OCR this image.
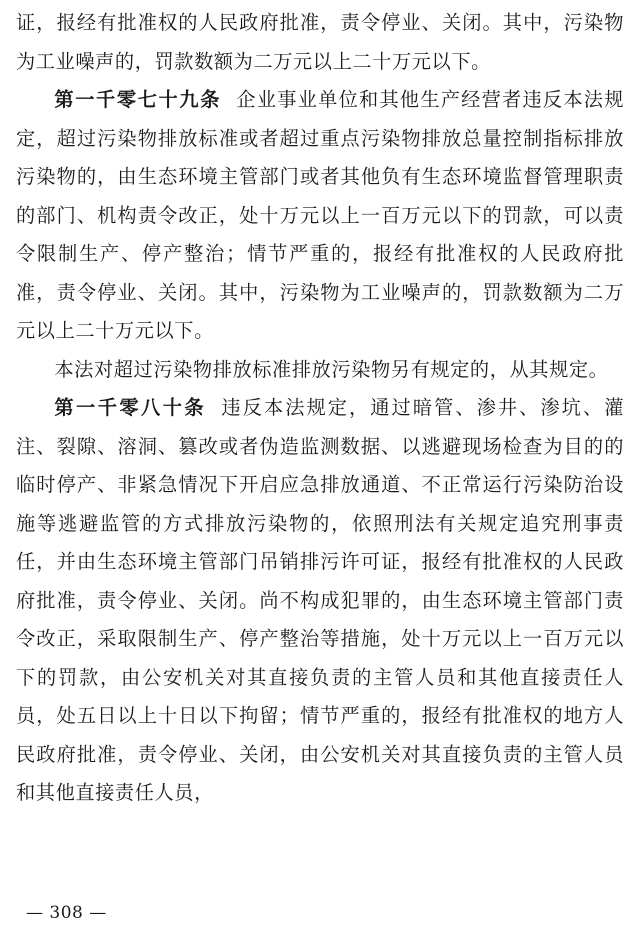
证，报经有批准权的人民政府批准，责令停业、关闭。其中，污染物为工业噪声的，罚款数额为二万元以上二十万元以下。

第一千零七十九条 企业事业单位和其他生产经营者违反本法规定，超过污染物排放标准或者超过重点污染物排放总量控制指标排放污染物的，由生态环境主管部门或者其他负有生态环境监督管理职责的部门、机构责令改正，处十万元以上一百万元以下的罚款，可以责令限制生产、停产整治；情节严重的，报经有批准权的人民政府批准，责令停业、关闭。其中，污染物为工业噪声的，罚款数额为二万元以上二十万元以下。

本法对超过污染物排放标准排放污染物另有规定的，从其规定。

第一千零八十条 违反本法规定，通过暗管、渗井、渗坑、灌注、裂隙、溶洞、篡改或者伪造监测数据、以逃避现场检查为目的的临时停产、非紧急情况下开启应急排放通道、不正常运行污染防治设施等逃避监管的方式排放污染物的，依照刑法有关规定追究刑事责任，并由生态环境主管部门吊销排污许可证，报经有批准权的人民政府批准，责令停业、关闭。尚不构成犯罪的，由生态环境主管部门责令改正，采取限制生产、停产整治等措施，处十万元以上一百万元以下的罚款，由公安机关对其直接负责的主管人员和其他直接责任人员，处五日以上十日以下拘留；情节严重的，报经有批准权的地方人民政府批准，责令停业、关闭，由公安机关对其直接负责的主管人员和其他直接责任人员，

— 308 —
